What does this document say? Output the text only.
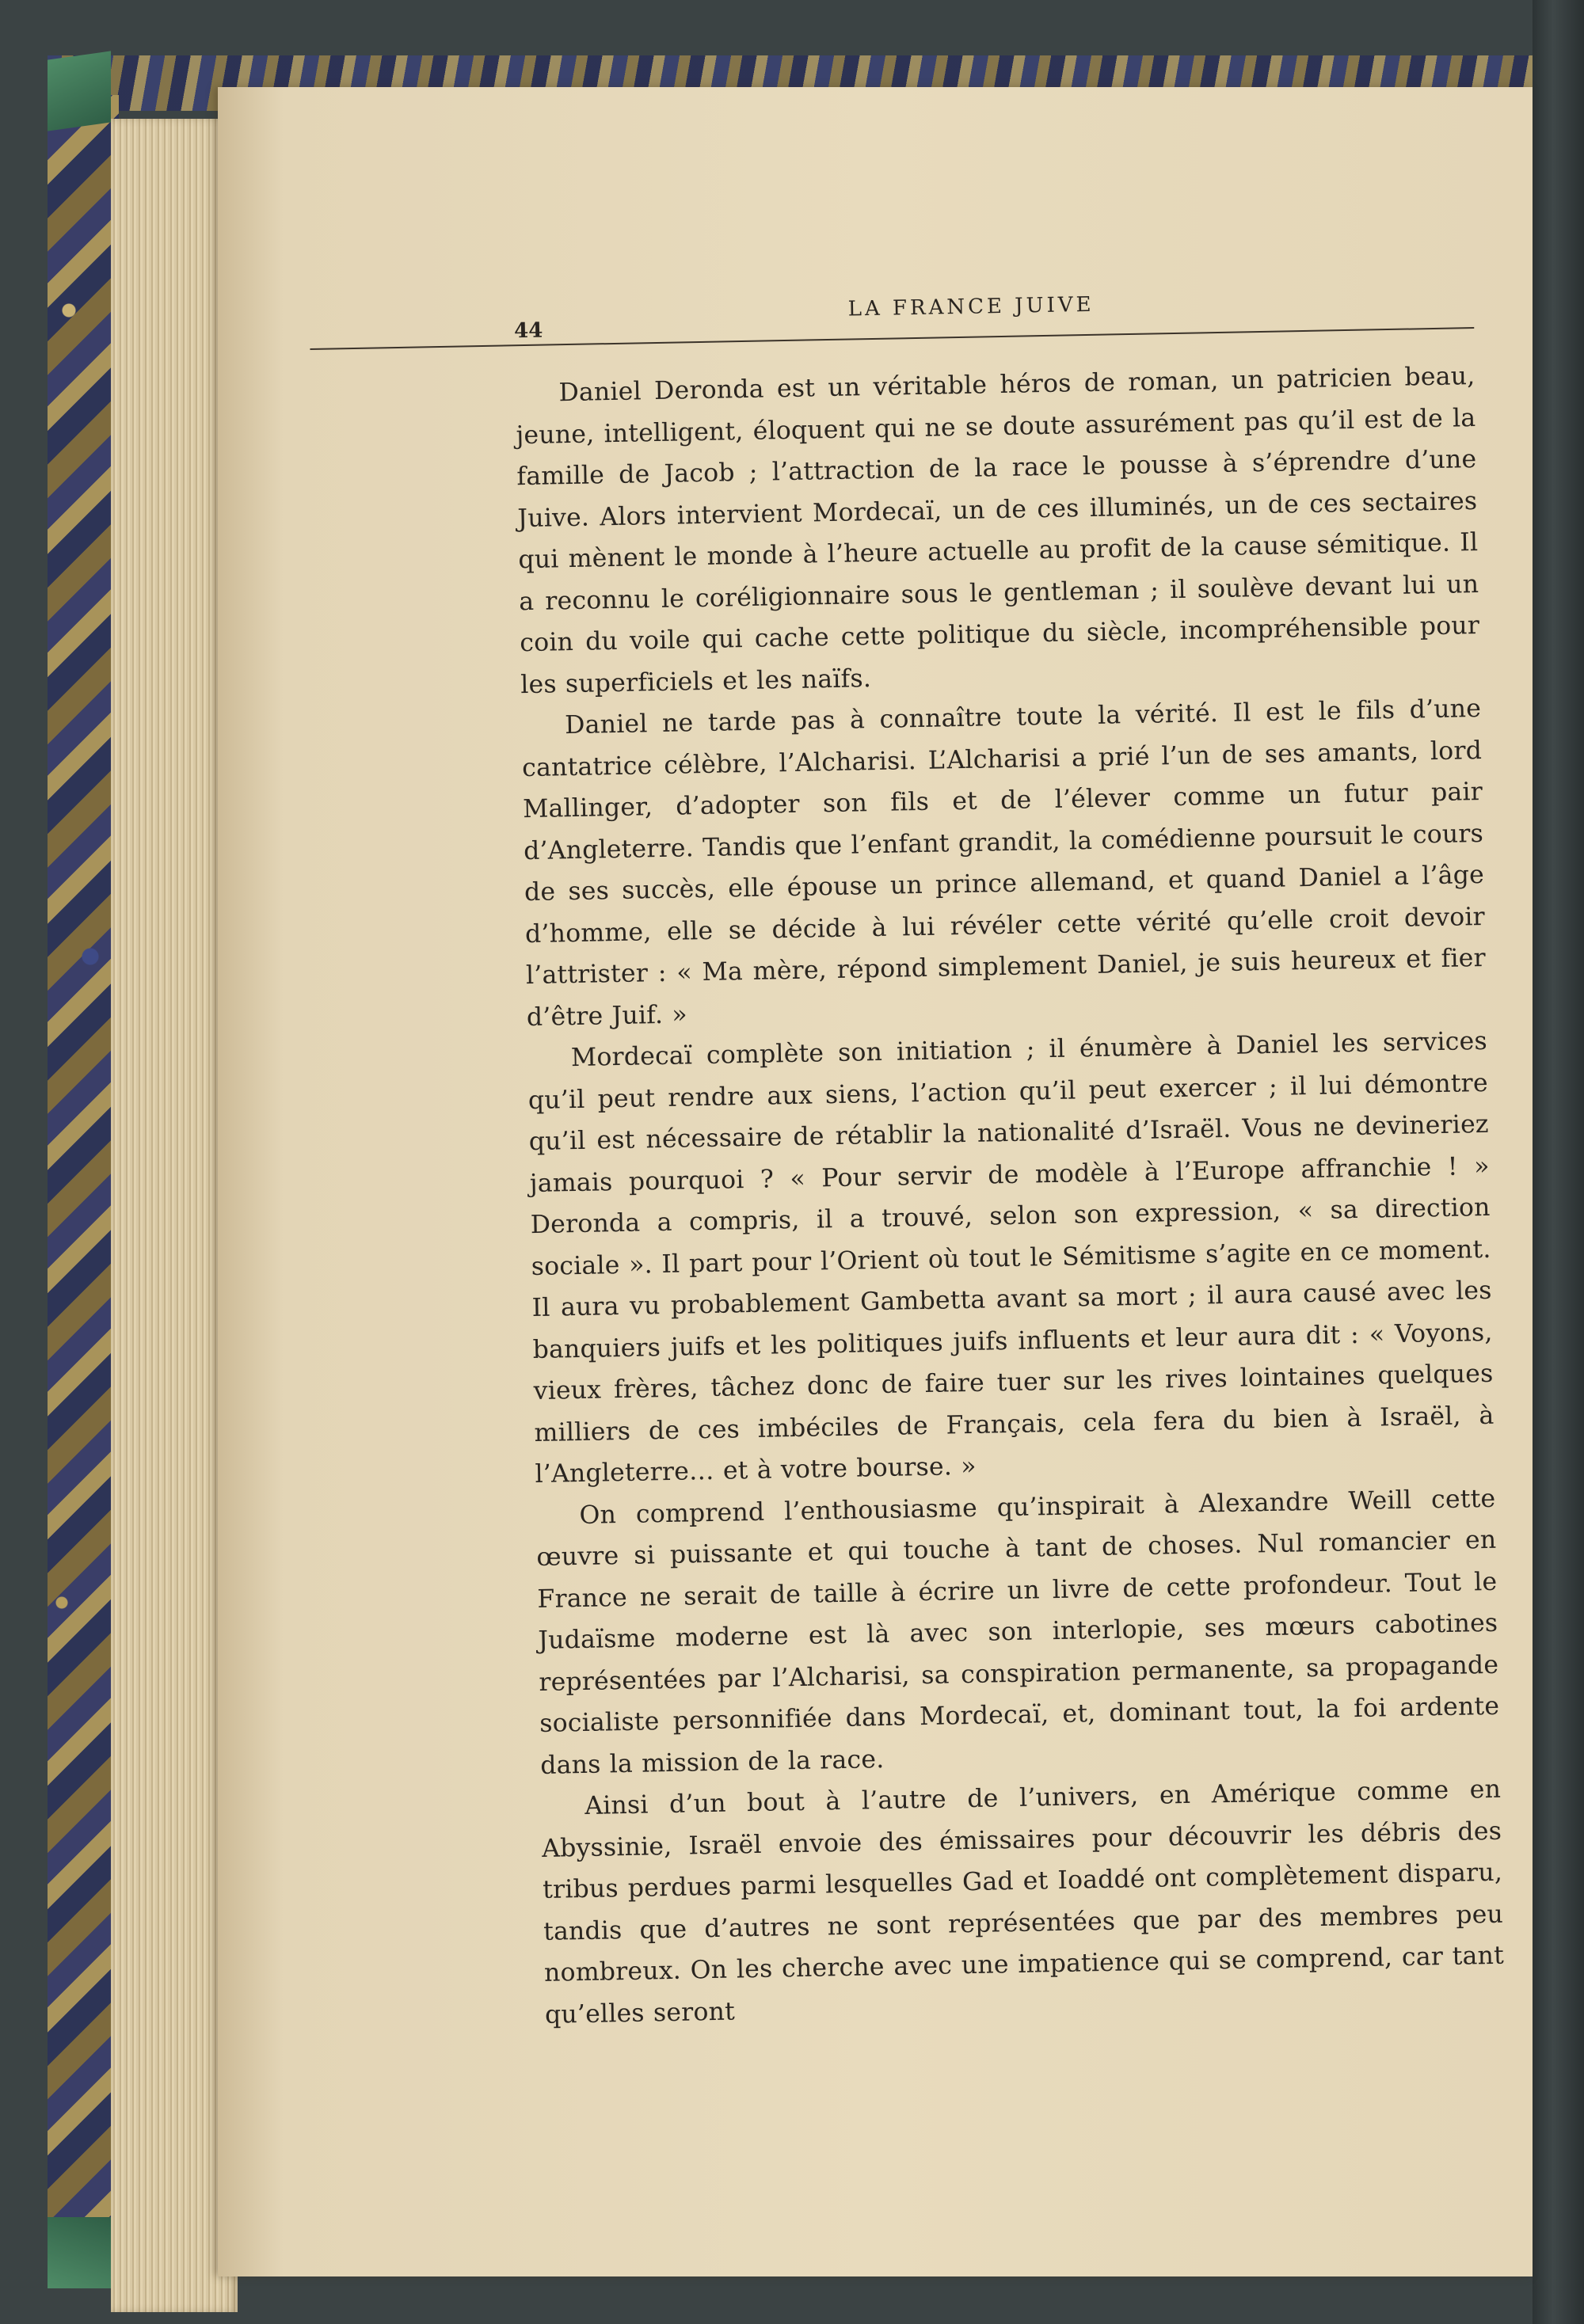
44
LA FRANCE JUIVE

Daniel Deronda est un véritable héros de roman, un patricien beau, jeune, intelligent, éloquent qui ne se doute assurément pas qu’il est de la famille de Jacob ; l’attraction de la race le pousse à s’éprendre d’une Juive. Alors intervient Mordecaï, un de ces illuminés, un de ces sectaires qui mènent le monde à l’heure actuelle au profit de la cause sémitique. Il a reconnu le coréligionnaire sous le gentleman ; il soulève devant lui un coin du voile qui cache cette politique du siècle, incompréhensible pour les superficiels et les naïfs.

Daniel ne tarde pas à connaître toute la vérité. Il est le fils d’une cantatrice célèbre, l’Alcharisi. L’Alcharisi a prié l’un de ses amants, lord Mallinger, d’adopter son fils et de l’élever comme un futur pair d’Angleterre. Tandis que l’enfant grandit, la comédienne poursuit le cours de ses succès, elle épouse un prince allemand, et quand Daniel a l’âge d’homme, elle se décide à lui révéler cette vérité qu’elle croit devoir l’attrister : « Ma mère, répond simplement Daniel, je suis heureux et fier d’être Juif. »

Mordecaï complète son initiation ; il énumère à Daniel les services qu’il peut rendre aux siens, l’action qu’il peut exercer ; il lui démontre qu’il est nécessaire de rétablir la nationalité d’Israël. Vous ne devineriez jamais pourquoi ? « Pour servir de modèle à l’Europe affranchie ! » Deronda a compris, il a trouvé, selon son expression, « sa direction sociale ». Il part pour l’Orient où tout le Sémitisme s’agite en ce moment. Il aura vu probablement Gambetta avant sa mort ; il aura causé avec les banquiers juifs et les politiques juifs influents et leur aura dit : « Voyons, vieux frères, tâchez donc de faire tuer sur les rives lointaines quelques milliers de ces imbéciles de Français, cela fera du bien à Israël, à l’Angleterre… et à votre bourse. »

On comprend l’enthousiasme qu’inspirait à Alexandre Weill cette œuvre si puissante et qui touche à tant de choses. Nul romancier en France ne serait de taille à écrire un livre de cette profondeur. Tout le Judaïsme moderne est là avec son interlopie, ses mœurs cabotines représentées par l’Alcharisi, sa conspiration permanente, sa propagande socialiste personnifiée dans Mordecaï, et, dominant tout, la foi ardente dans la mission de la race.

Ainsi d’un bout à l’autre de l’univers, en Amérique comme en Abyssinie, Israël envoie des émissaires pour découvrir les débris des tribus perdues parmi lesquelles Gad et Ioaddé ont complètement disparu, tandis que d’autres ne sont représentées que par des membres peu nombreux. On les cherche avec une impatience qui se comprend, car tant qu’elles seront
